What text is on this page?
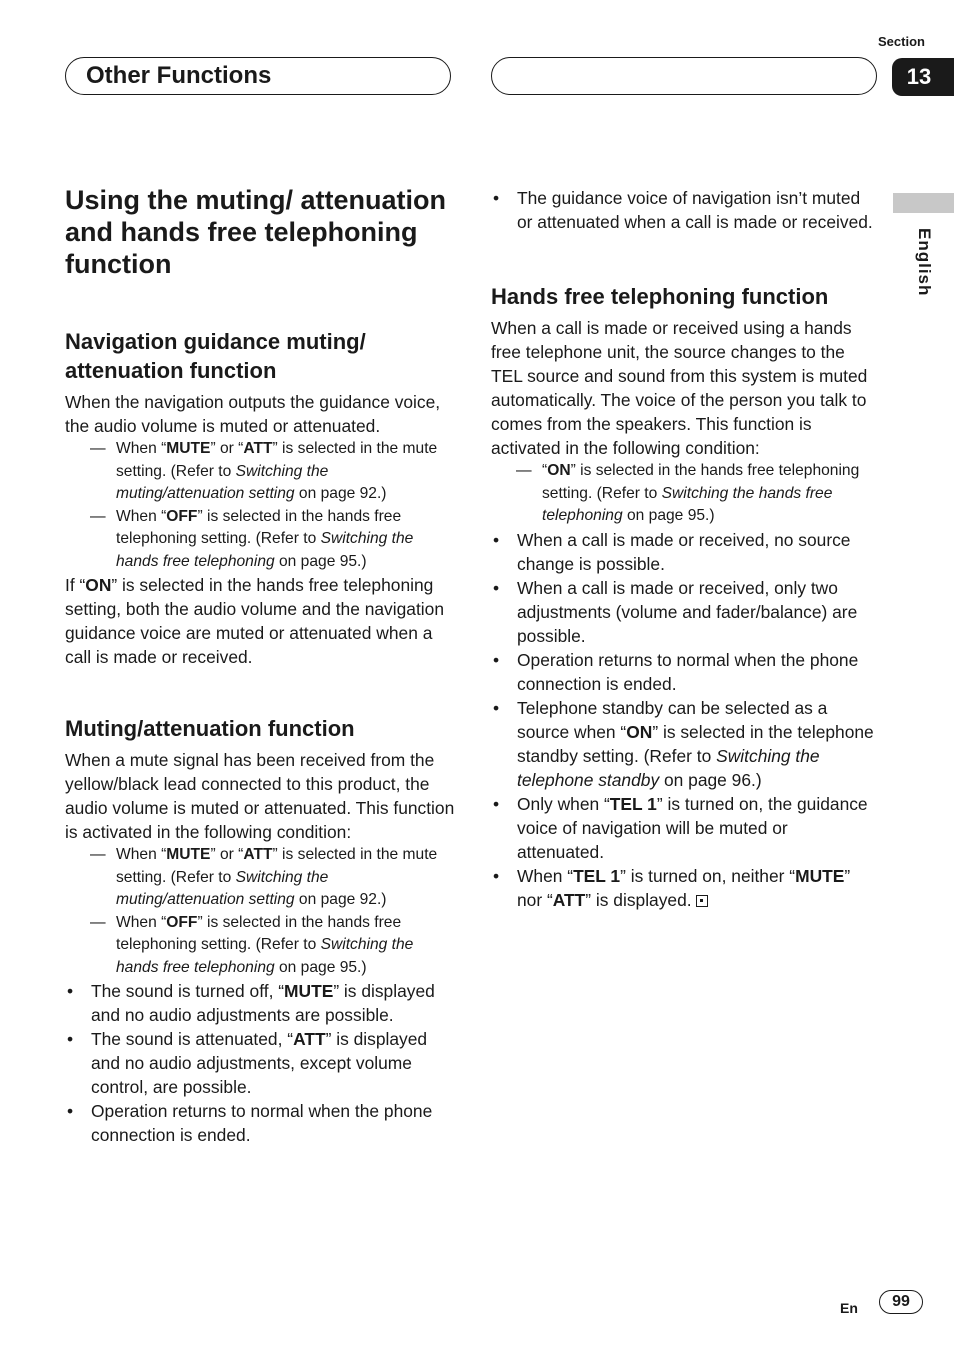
Section
13
Other Functions
English
Using the muting/ attenuation and hands free telephoning function
Navigation guidance muting/ attenuation function

When the navigation outputs the guidance voice, the audio volume is muted or attenuated.

— When “MUTE” or “ATT” is selected in the mute setting. (Refer to Switching the muting/attenuation setting on page 92.)

— When “OFF” is selected in the hands free telephoning setting. (Refer to Switching the hands free telephoning on page 95.)

If “ON” is selected in the hands free telephoning setting, both the audio volume and the navigation guidance voice are muted or attenuated when a call is made or received.

Muting/attenuation function

When a mute signal has been received from the yellow/black lead connected to this product, the audio volume is muted or attenuated. This function is activated in the following condition:

— When “MUTE” or “ATT” is selected in the mute setting. (Refer to Switching the muting/attenuation setting on page 92.)

— When “OFF” is selected in the hands free telephoning setting. (Refer to Switching the hands free telephoning on page 95.)

• The sound is turned off, “MUTE” is displayed and no audio adjustments are possible.

• The sound is attenuated, “ATT” is displayed and no audio adjustments, except volume control, are possible.

• Operation returns to normal when the phone connection is ended.

• The guidance voice of navigation isn’t muted or attenuated when a call is made or received.

Hands free telephoning function

When a call is made or received using a hands free telephone unit, the source changes to the TEL source and sound from this system is muted automatically. The voice of the person you talk to comes from the speakers. This function is activated in the following condition:

— “ON” is selected in the hands free telephoning setting. (Refer to Switching the hands free telephoning on page 95.)

• When a call is made or received, no source change is possible.

• When a call is made or received, only two adjustments (volume and fader/balance) are possible.

• Operation returns to normal when the phone connection is ended.

• Telephone standby can be selected as a source when “ON” is selected in the telephone standby setting. (Refer to Switching the telephone standby on page 96.)

• Only when “TEL 1” is turned on, the guidance voice of navigation will be muted or attenuated.

• When “TEL 1” is turned on, neither “MUTE” nor “ATT” is displayed.

En	99
